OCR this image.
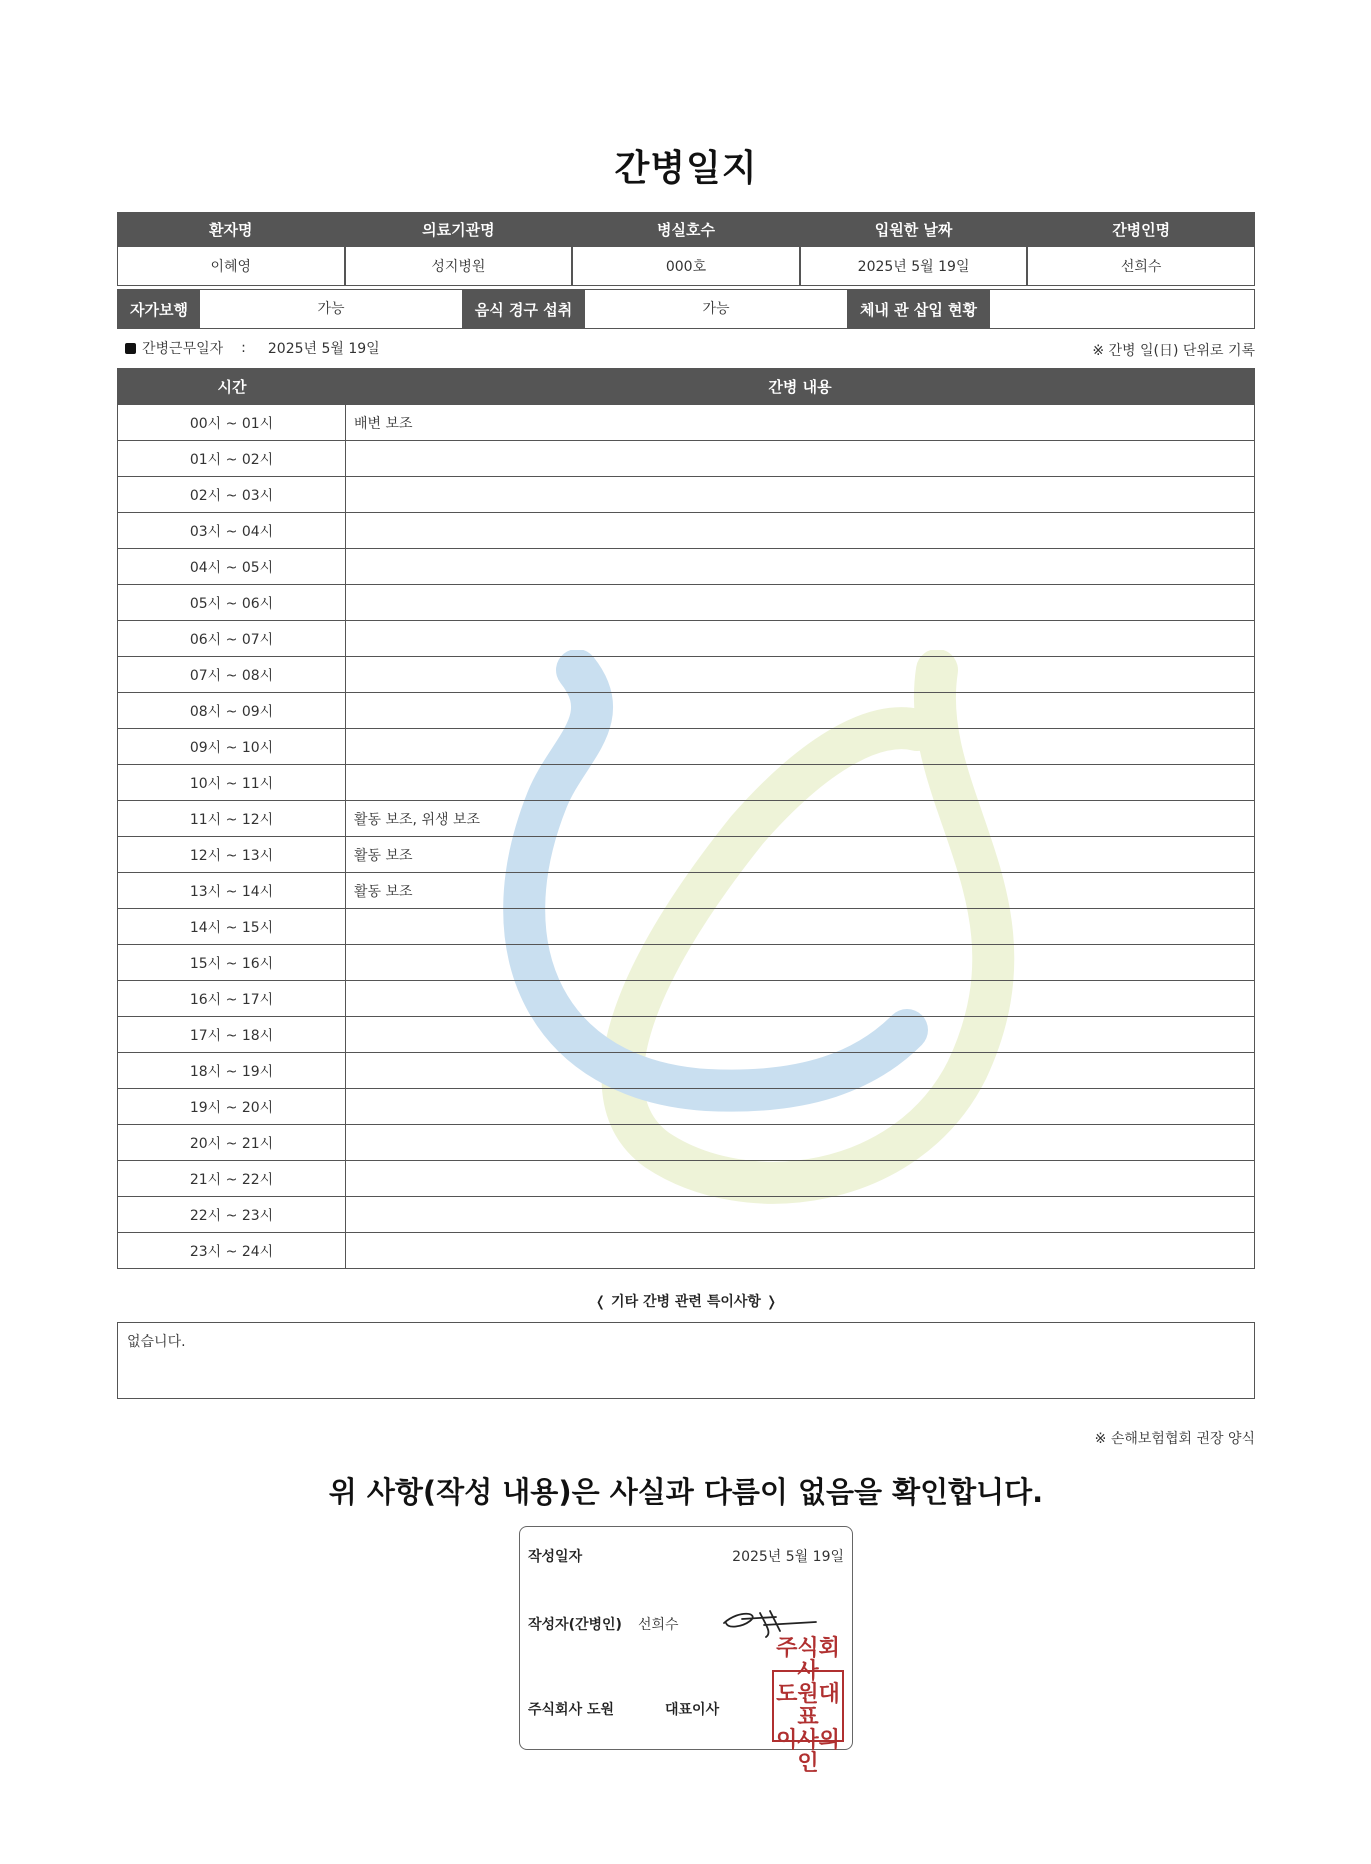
간병일지
환자명	의료기관명	병실호수	입원한 날짜	간병인명
이혜영	성지병원	000호	2025년 5월 19일	선희수
자가보행	가능	음식 경구 섭취	가능	체내 관 삽입 현황
간병근무일자 : 2025년 5월 19일	※ 간병 일(日) 단위로 기록
시간	간병 내용
00시 ~ 01시	배변 보조
01시 ~ 02시
02시 ~ 03시
03시 ~ 04시
04시 ~ 05시
05시 ~ 06시
06시 ~ 07시
07시 ~ 08시
08시 ~ 09시
09시 ~ 10시
10시 ~ 11시
11시 ~ 12시	활동 보조, 위생 보조
12시 ~ 13시	활동 보조
13시 ~ 14시	활동 보조
14시 ~ 15시
15시 ~ 16시
16시 ~ 17시
17시 ~ 18시
18시 ~ 19시
19시 ~ 20시
20시 ~ 21시
21시 ~ 22시
22시 ~ 23시
23시 ~ 24시
❬ 기타 간병 관련 특이사항 ❭
없습니다.
※ 손해보험협회 권장 양식
위 사항(작성 내용)은 사실과 다름이 없음을 확인합니다.
작성일자	2025년 5월 19일
작성자(간병인) 선희수
주식회사 도원	대표이사
주식회사
도원대표
이사의인
